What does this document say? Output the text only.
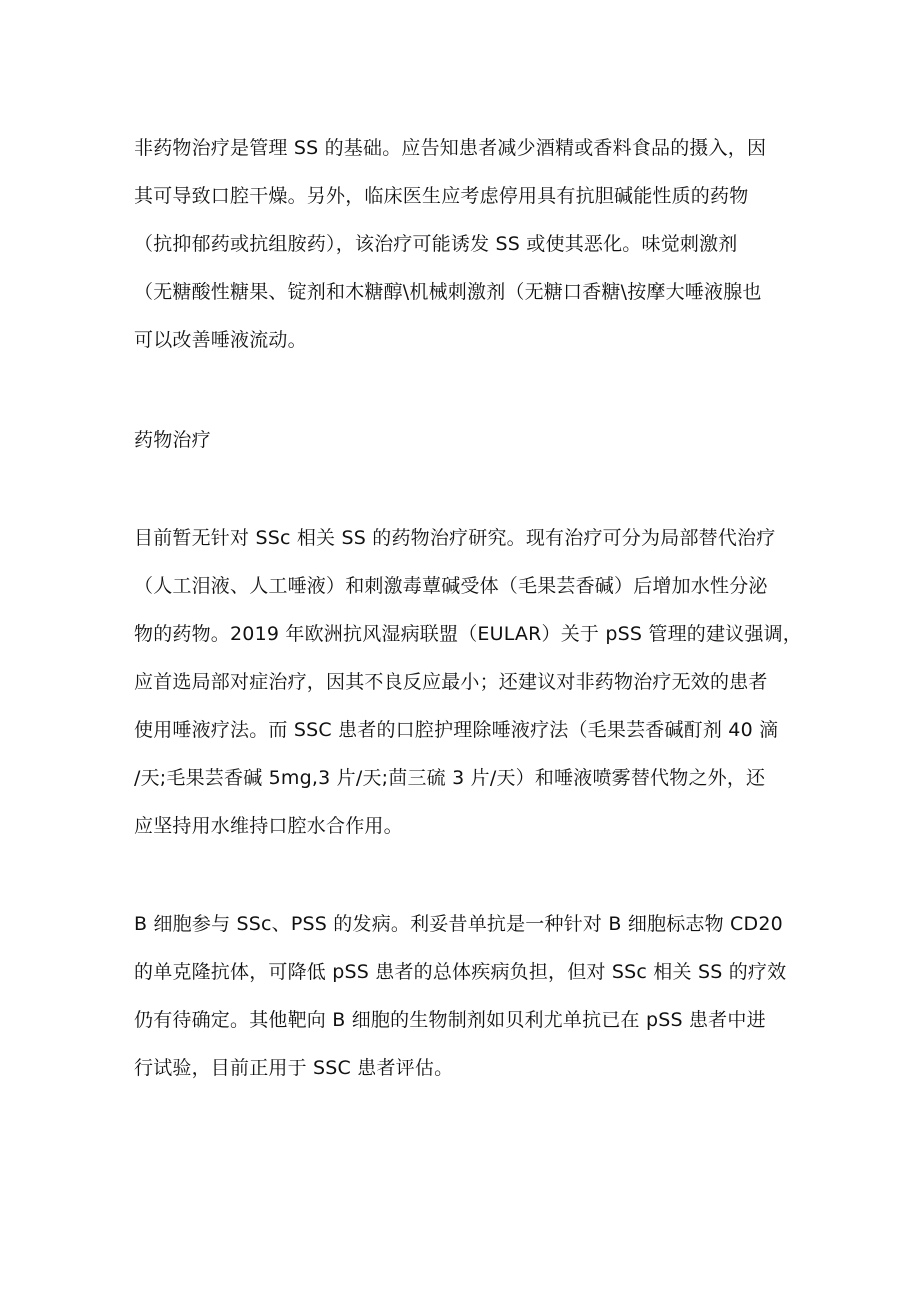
非药物治疗是管理 SS 的基础。应告知患者减少酒精或香料食品的摄入，因
其可导致口腔干燥。另外，临床医生应考虑停用具有抗胆碱能性质的药物
（抗抑郁药或抗组胺药），该治疗可能诱发 SS 或使其恶化。味觉刺激剂
（无糖酸性糖果、锭剂和木糖醇\机械刺激剂（无糖口香糖\按摩大唾液腺也
可以改善唾液流动。

药物治疗

目前暂无针对 SSc 相关 SS 的药物治疗研究。现有治疗可分为局部替代治疗
（人工泪液、人工唾液）和刺激毒蕈碱受体（毛果芸香碱）后增加水性分泌
物的药物。2019 年欧洲抗风湿病联盟（EULAR）关于 pSS 管理的建议强调，
应首选局部对症治疗，因其不良反应最小；还建议对非药物治疗无效的患者
使用唾液疗法。而 SSC 患者的口腔护理除唾液疗法（毛果芸香碱酊剂 40 滴
/天;毛果芸香碱 5mg,3 片/天;茴三硫 3 片/天）和唾液喷雾替代物之外，还
应坚持用水维持口腔水合作用。

B 细胞参与 SSc、PSS 的发病。利妥昔单抗是一种针对 B 细胞标志物 CD20
的单克隆抗体，可降低 pSS 患者的总体疾病负担，但对 SSc 相关 SS 的疗效
仍有待确定。其他靶向 B 细胞的生物制剂如贝利尤单抗已在 pSS 患者中进
行试验，目前正用于 SSC 患者评估。
